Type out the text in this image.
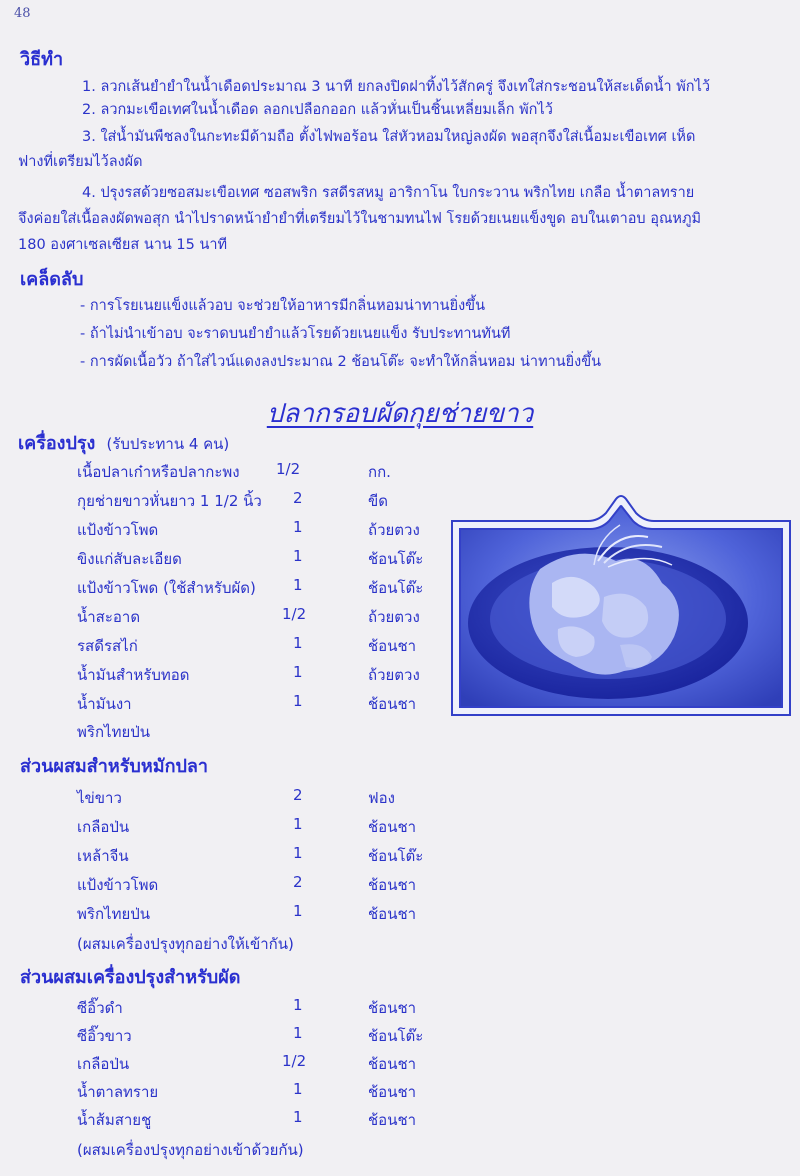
48
วิธีทำ
1. ลวกเส้นยำยำในน้ำเดือดประมาณ 3 นาที ยกลงปิดฝาทิ้งไว้สักครู่ จึงเทใส่กระชอนให้สะเด็ดน้ำ พักไว้
2. ลวกมะเขือเทศในน้ำเดือด ลอกเปลือกออก แล้วหั่นเป็นชิ้นเหลี่ยมเล็ก พักไว้
3. ใส่น้ำมันพืชลงในกะทะมีด้ามถือ ตั้งไฟพอร้อน ใส่หัวหอมใหญ่ลงผัด พอสุกจึงใส่เนื้อมะเขือเทศ เห็ด
ฟางที่เตรียมไว้ลงผัด
4. ปรุงรสด้วยซอสมะเขือเทศ ซอสพริก รสดีรสหมู อาริกาโน ใบกระวาน พริกไทย เกลือ น้ำตาลทราย
จึงค่อยใส่เนื้อลงผัดพอสุก นำไปราดหน้ายำยำที่เตรียมไว้ในชามทนไฟ โรยด้วยเนยแข็งขูด อบในเตาอบ อุณหภูมิ
180 องศาเซลเซียส นาน 15 นาที
เคล็ดลับ
- การโรยเนยแข็งแล้วอบ จะช่วยให้อาหารมีกลิ่นหอมน่าทานยิ่งขึ้น
- ถ้าไม่นำเข้าอบ จะราดบนยำยำแล้วโรยด้วยเนยแข็ง รับประทานทันที
- การผัดเนื้อวัว ถ้าใส่ไวน์แดงลงประมาณ 2 ช้อนโต๊ะ จะทำให้กลิ่นหอม น่าทานยิ่งขึ้น
ปลากรอบผัดกุยช่ายขาว
เครื่องปรุง (รับประทาน 4 คน)
เนื้อปลาเก๋าหรือปลากะพง 1/2	กก.
กุยช่ายขาวหั่นยาว 1 1/2 นิ้ว 2	ขีด
แป้งข้าวโพด	1	ถ้วยตวง
ขิงแก่สับละเอียด	1	ช้อนโต๊ะ
แป้งข้าวโพด (ใช้สำหรับผัด) 1	ช้อนโต๊ะ
น้ำสะอาด	1/2	ถ้วยตวง
รสดีรสไก่	1	ช้อนชา
น้ำมันสำหรับทอด	1	ถ้วยตวง
น้ำมันงา	1	ช้อนชา
พริกไทยป่น
ส่วนผสมสำหรับหมักปลา
ไข่ขาว	2	ฟอง
เกลือป่น	1	ช้อนชา
เหล้าจีน	1	ช้อนโต๊ะ
แป้งข้าวโพด	2	ช้อนชา
พริกไทยป่น	1	ช้อนชา
(ผสมเครื่องปรุงทุกอย่างให้เข้ากัน)
ส่วนผสมเครื่องปรุงสำหรับผัด
ซีอิ๊วดำ	1	ช้อนชา
ซีอิ๊วขาว	1	ช้อนโต๊ะ
เกลือป่น	1/2	ช้อนชา
น้ำตาลทราย	1	ช้อนชา
น้ำส้มสายชู	1	ช้อนชา
(ผสมเครื่องปรุงทุกอย่างเข้าด้วยกัน)
